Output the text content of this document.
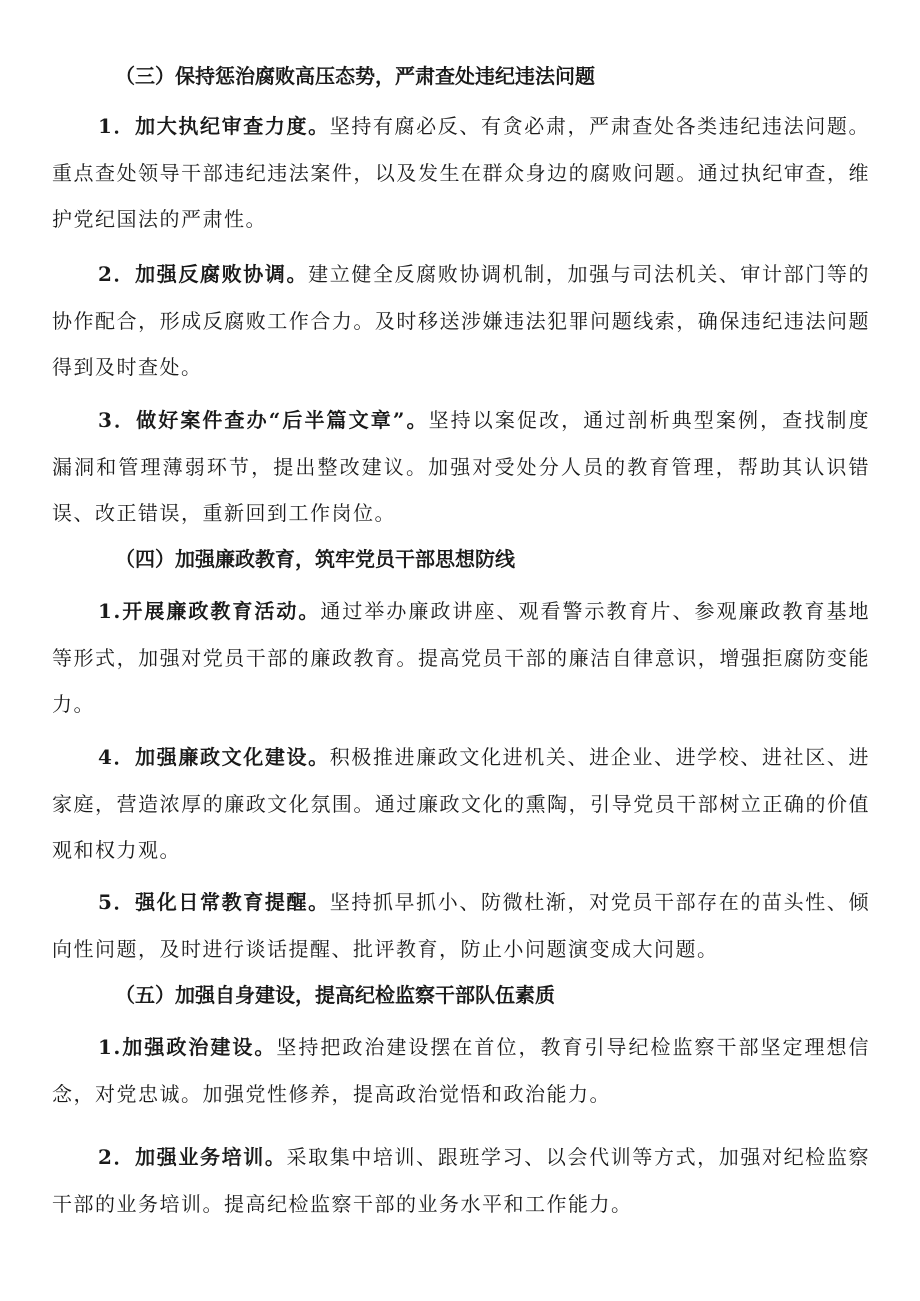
（三）保持惩治腐败高压态势，严肃查处违纪违法问题

1．加大执纪审查力度。坚持有腐必反、有贪必肃，严肃查处各类违纪违法问题。重点查处领导干部违纪违法案件，以及发生在群众身边的腐败问题。通过执纪审查，维护党纪国法的严肃性。

2．加强反腐败协调。建立健全反腐败协调机制，加强与司法机关、审计部门等的协作配合，形成反腐败工作合力。及时移送涉嫌违法犯罪问题线索，确保违纪违法问题得到及时查处。

3．做好案件查办“后半篇文章”。坚持以案促改，通过剖析典型案例，查找制度漏洞和管理薄弱环节，提出整改建议。加强对受处分人员的教育管理，帮助其认识错误、改正错误，重新回到工作岗位。

（四）加强廉政教育，筑牢党员干部思想防线

1.开展廉政教育活动。通过举办廉政讲座、观看警示教育片、参观廉政教育基地等形式，加强对党员干部的廉政教育。提高党员干部的廉洁自律意识，增强拒腐防变能力。

4．加强廉政文化建设。积极推进廉政文化进机关、进企业、进学校、进社区、进家庭，营造浓厚的廉政文化氛围。通过廉政文化的熏陶，引导党员干部树立正确的价值观和权力观。

5．强化日常教育提醒。坚持抓早抓小、防微杜渐，对党员干部存在的苗头性、倾向性问题，及时进行谈话提醒、批评教育，防止小问题演变成大问题。

（五）加强自身建设，提高纪检监察干部队伍素质

1.加强政治建设。坚持把政治建设摆在首位，教育引导纪检监察干部坚定理想信念，对党忠诚。加强党性修养，提高政治觉悟和政治能力。

2．加强业务培训。采取集中培训、跟班学习、以会代训等方式，加强对纪检监察干部的业务培训。提高纪检监察干部的业务水平和工作能力。
